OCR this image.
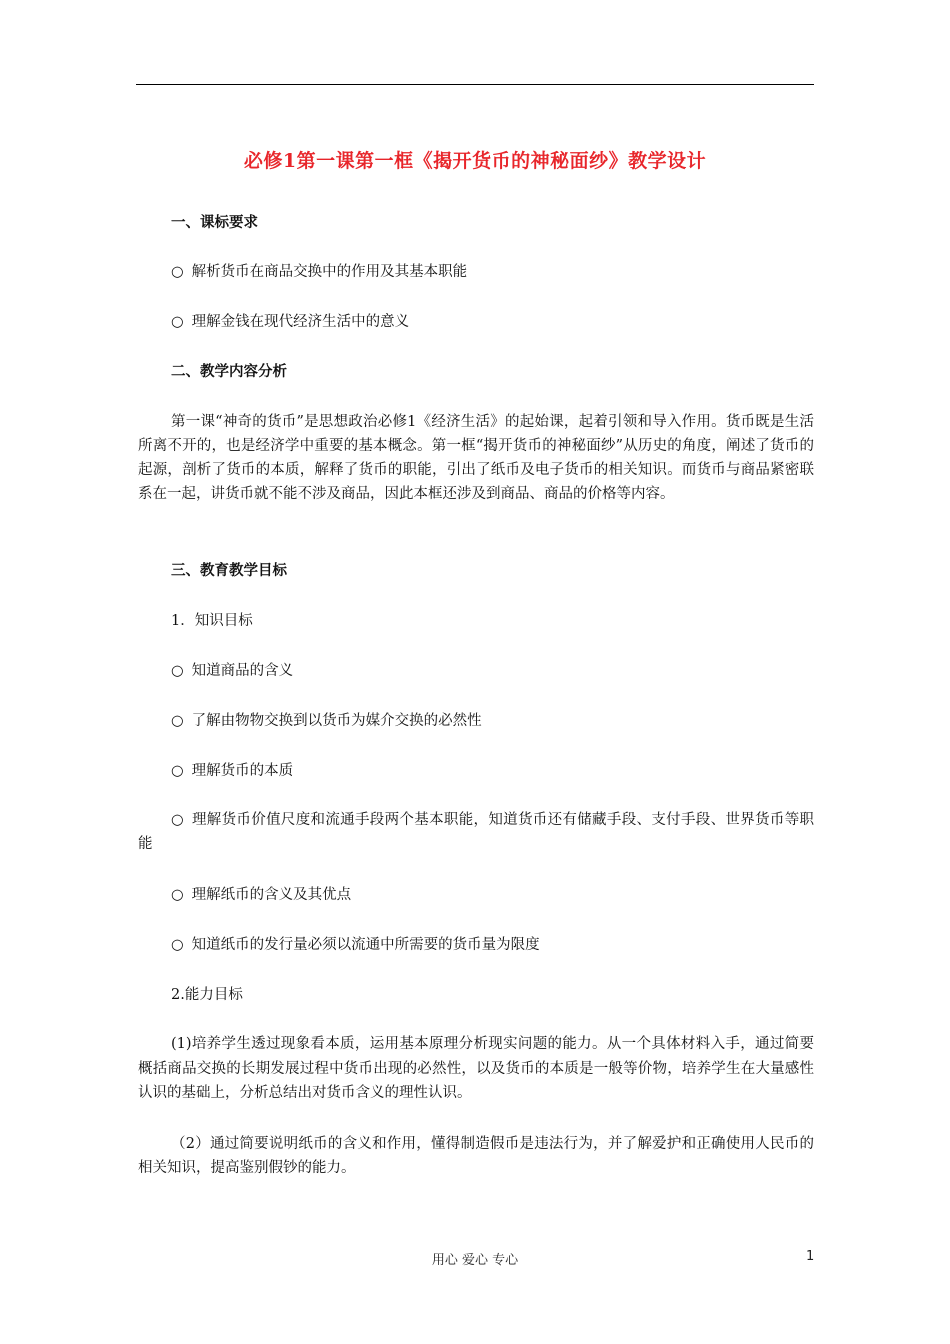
必修1第一课第一框《揭开货币的神秘面纱》教学设计
一、课标要求
○ 解析货币在商品交换中的作用及其基本职能
○ 理解金钱在现代经济生活中的意义
二、教学内容分析
第一课“神奇的货币”是思想政治必修1《经济生活》的起始课，起着引领和导入作用。货币既是生活所离不开的，也是经济学中重要的基本概念。第一框“揭开货币的神秘面纱”从历史的角度，阐述了货币的起源，剖析了货币的本质，解释了货币的职能，引出了纸币及电子货币的相关知识。而货币与商品紧密联系在一起，讲货币就不能不涉及商品，因此本框还涉及到商品、商品的价格等内容。
三、教育教学目标
1．知识目标
○ 知道商品的含义
○ 了解由物物交换到以货币为媒介交换的必然性
○ 理解货币的本质
○ 理解货币价值尺度和流通手段两个基本职能，知道货币还有储藏手段、支付手段、世界货币等职能
○ 理解纸币的含义及其优点
○ 知道纸币的发行量必须以流通中所需要的货币量为限度
2.能力目标
(1)培养学生透过现象看本质，运用基本原理分析现实问题的能力。从一个具体材料入手，通过简要概括商品交换的长期发展过程中货币出现的必然性，以及货币的本质是一般等价物，培养学生在大量感性认识的基础上，分析总结出对货币含义的理性认识。
（2）通过简要说明纸币的含义和作用，懂得制造假币是违法行为，并了解爱护和正确使用人民币的相关知识，提高鉴别假钞的能力。
用心 爱心 专心	1
